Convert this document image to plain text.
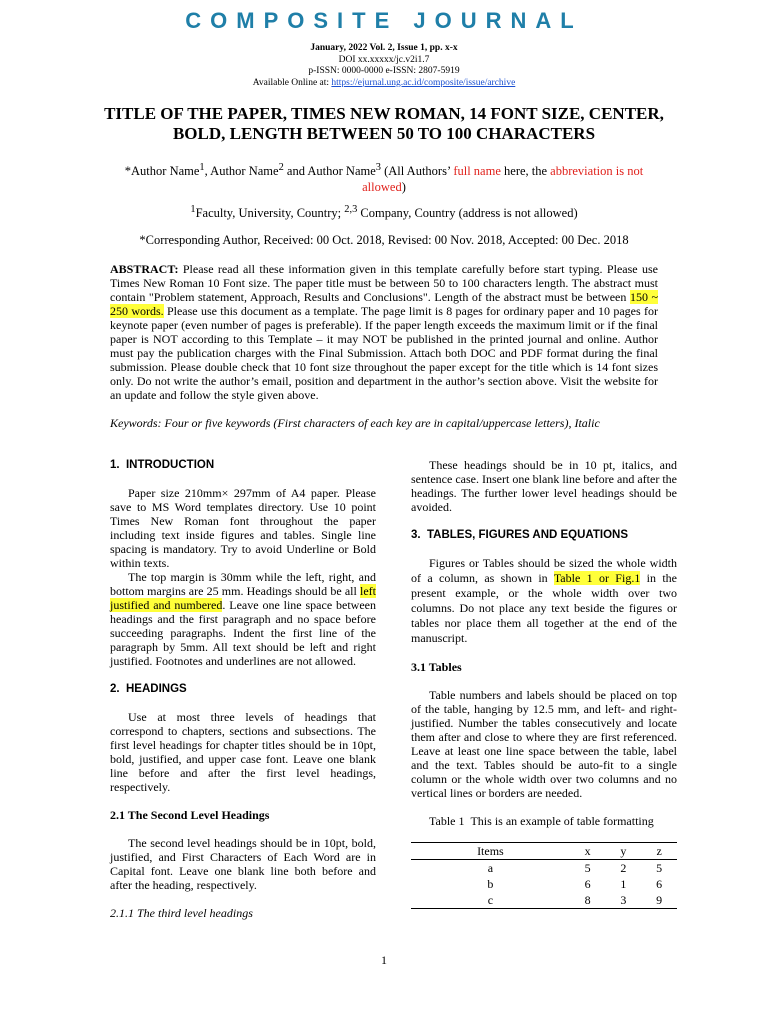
COMPOSITE JOURNAL
January, 2022 Vol. 2, Issue 1, pp. x-x
DOI xx.xxxxx/jc.v2i1.7
p-ISSN: 0000-0000 e-ISSN: 2807-5919
Available Online at: https://ejurnal.ung.ac.id/composite/issue/archive
TITLE OF THE PAPER, TIMES NEW ROMAN, 14 FONT SIZE, CENTER, BOLD, LENGTH BETWEEN 50 TO 100 CHARACTERS
*Author Name$^1$, Author Name$^2$ and Author Name$^3$ (All Authors’ full name here, the abbreviation is not allowed)
$^1$Faculty, University, Country; $^{2,3}$ Company, Country (address is not allowed)
*Corresponding Author, Received: 00 Oct. 2018, Revised: 00 Nov. 2018, Accepted: 00 Dec. 2018
ABSTRACT: Please read all these information given in this template carefully before start typing. Please use Times New Roman 10 Font size. The paper title must be between 50 to 100 characters length. The abstract must contain "Problem statement, Approach, Results and Conclusions". Length of the abstract must be between 150 ~ 250 words. Please use this document as a template. The page limit is 8 pages for ordinary paper and 10 pages for keynote paper (even number of pages is preferable). If the paper length exceeds the maximum limit or if the final paper is NOT according to this Template – it may NOT be published in the printed journal and online. Author must pay the publication charges with the Final Submission. Attach both DOC and PDF format during the final submission. Please double check that 10 font size throughout the paper except for the title which is 14 font sizes only. Do not write the author’s email, position and department in the author’s section above. Visit the website for an update and follow the style given above.
Keywords: Four or five keywords (First characters of each key are in capital/uppercase letters), Italic

1.  INTRODUCTION

Paper size 210mm× 297mm of A4 paper. Please save to MS Word templates directory. Use 10 point Times New Roman font throughout the paper including text inside figures and tables. Single line spacing is mandatory. Try to avoid Underline or Bold within texts.

The top margin is 30mm while the left, right, and bottom margins are 25 mm. Headings should be all left justified and numbered. Leave one line space between headings and the first paragraph and no space before succeeding paragraphs. Indent the first line of the paragraph by 5mm. All text should be left and right justified. Footnotes and underlines are not allowed.

2.  HEADINGS

Use at most three levels of headings that correspond to chapters, sections and subsections. The first level headings for chapter titles should be in 10pt, bold, justified, and upper case font. Leave one blank line before and after the first level headings, respectively.

2.1 The Second Level Headings

The second level headings should be in 10pt, bold, justified, and First Characters of Each Word are in Capital font. Leave one blank line both before and after the heading, respectively.

2.1.1 The third level headings

These headings should be in 10 pt, italics, and sentence case. Insert one blank line before and after the headings. The further lower level headings should be avoided.

3.  TABLES, FIGURES AND EQUATIONS

Figures or Tables should be sized the whole width of a column, as shown in Table 1 or Fig.1 in the present example, or the whole width over two columns. Do not place any text beside the figures or tables nor place them all together at the end of the manuscript.

3.1 Tables

Table numbers and labels should be placed on top of the table, hanging by 12.5 mm, and left- and right-justified. Number the tables consecutively and locate them after and close to where they are first referenced. Leave at least one line space between the table, label and the text. Tables should be auto-fit to a single column or the whole width over two columns and no vertical lines or borders are needed.

Table 1  This is an example of table formatting

Items	x	y	z
a	5	2	5
b	6	1	6
c	8	3	9
1
